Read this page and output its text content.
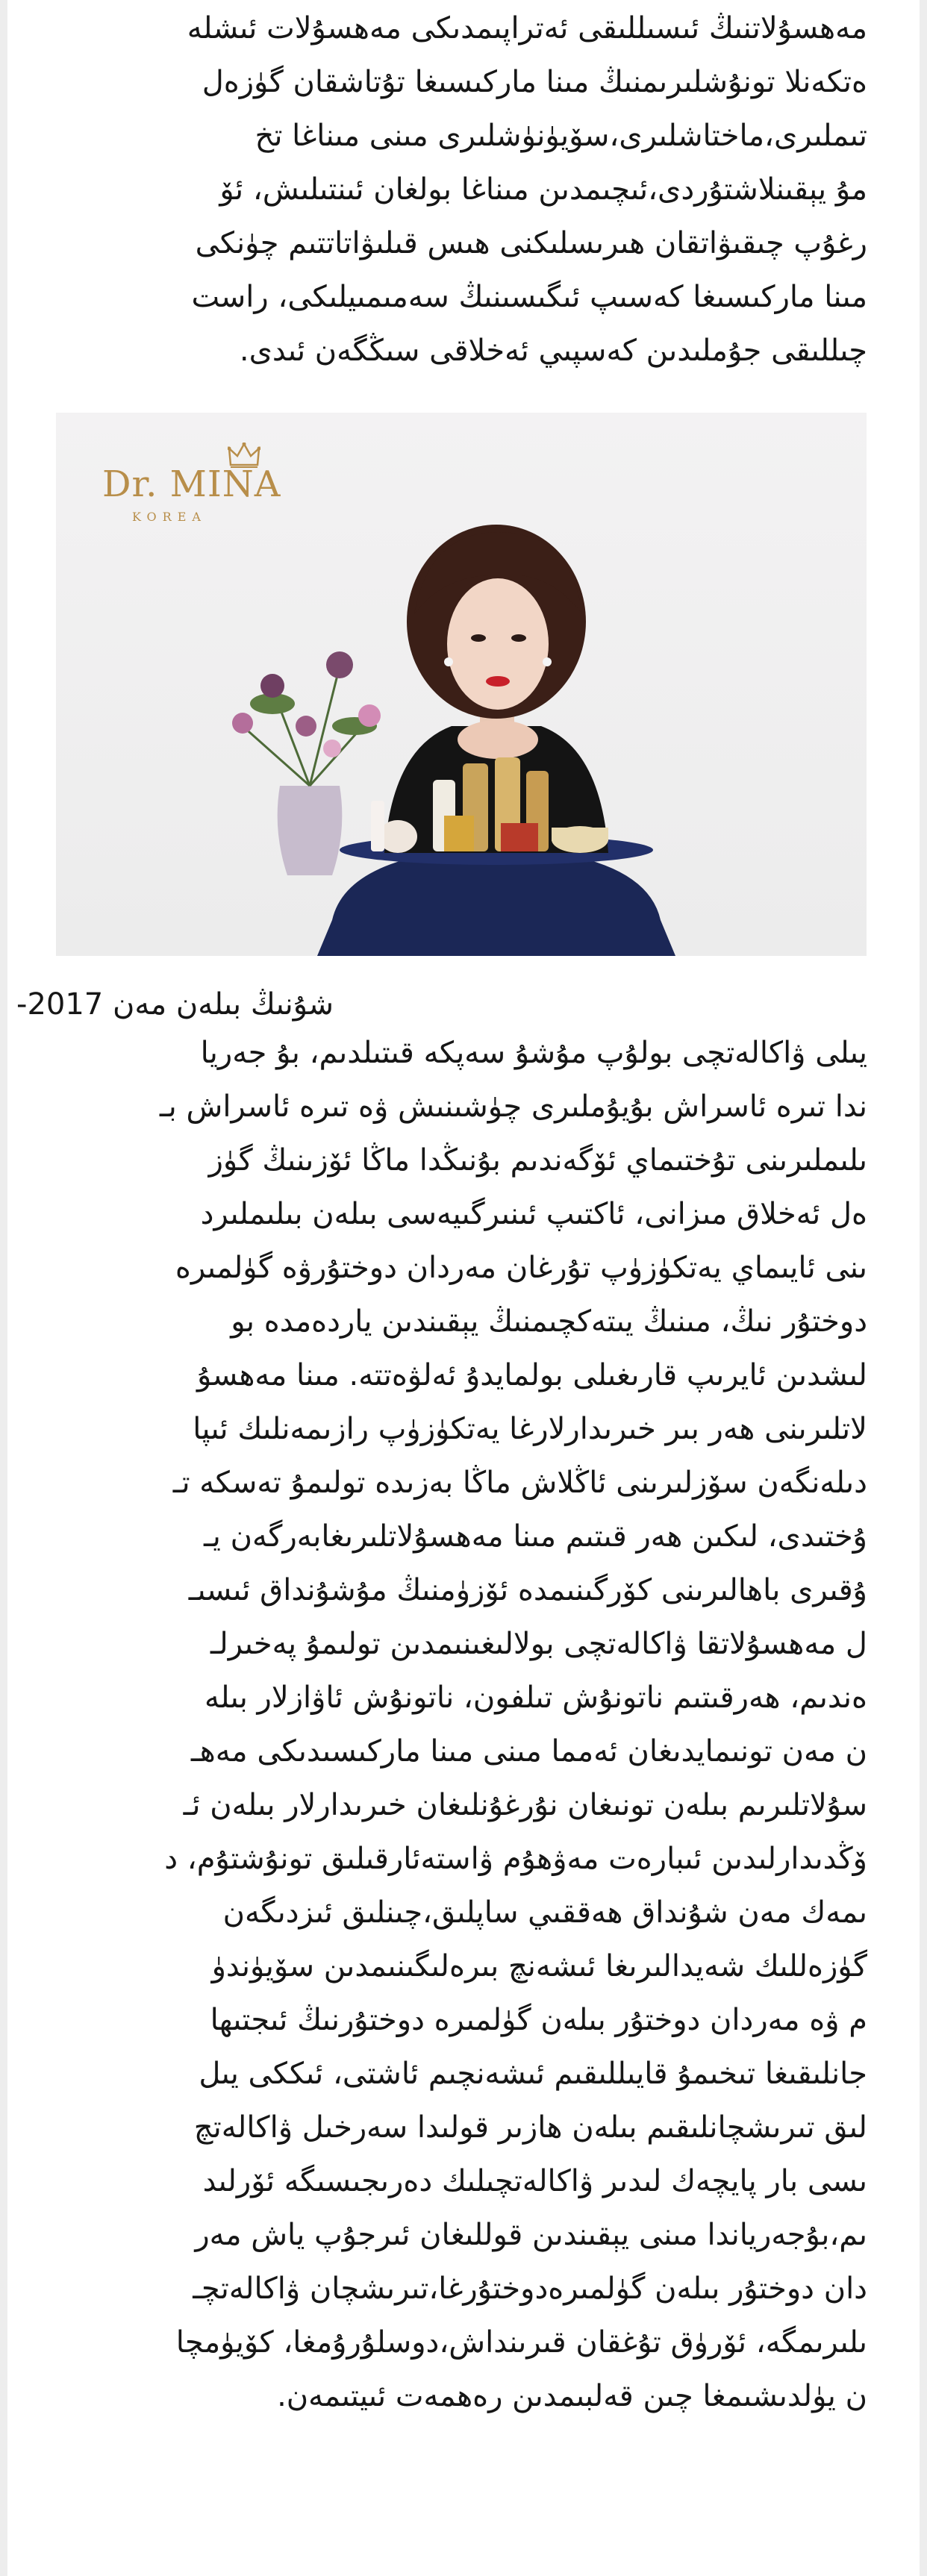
مەھسۇلاتنىڭ ئىسىللىقى ئەتراپىمدىكى مەھسۇلات ئىشلە
ەتكەنلا تونۇشلىرىمنىڭ مىنا ماركىسىغا تۇتاشقان گۈزەل
تىملىرى،ماختاشلىرى،سۆيۈنۈشلىرى مىنى مىناغا تخ
مۇ يېقىنلاشتۇردى،ئىچىمدىن مىناغا بولغان ئىنتىلىش، ئۆ
رغۇپ چىقىۋاتقان ھىرىسلىكنى ھىس قىلىۋاتاتتىم چۈنكى
مىنا ماركىسىغا كەسىپ ئىگىسىنىڭ سەمىمىيلىكى، راست
چىللىقى جۇملىدىن كەسپىي ئەخلاقى سىڭگەن ئىدى.
Dr. MINA
KOREA
شۇنىڭ بىلەن مەن 2017-
يىلى ۋاكالەتچى بولۇپ مۇشۇ سەپكە قىتىلدىم، بۇ جەريا
ندا تىرە ئاسراش بۇيۇملىرى چۈشىنىش ۋە تىرە ئاسراش بـ
ىلىملىرىنى تۇختىماي ئۆگەندىم بۇنىڭدا ماڭا ئۆزىنىڭ گۈز
ەل ئەخلاق مىزانى، ئاكتىپ ئىنىرگىيەسى بىلەن بىلىملىرد
ىنى ئايىماي يەتكۈزۈپ تۇرغان مەردان دوختۇرۋە گۈلمىرە
دوختۇر نىڭ، مىنىڭ يىتەكچىمنىڭ يېقىندىن ياردەمدە بو
لىشدىن ئايرىپ قارىغىلى بولمايدۇ ئەلۋەتتە. مىنا مەھسۇ
لاتلىرىنى ھەر بىر خىرىدارلارغا يەتكۈزۈپ رازىمەنلىك ئىپا
دىلەنگەن سۆزلىرىنى ئاڭلاش ماڭا بەزىدە تولىمۇ تەسكە تـ
ۇختىدى، لىكىن ھەر قىتىم مىنا مەھسۇلاتلىرىغابەرگەن يـ
ۇقىرى باھالىرىنى كۆرگىنىمدە ئۆزۈمنىڭ مۇشۇنداق ئىسىـ
ل مەھسۇلاتقا ۋاكالەتچى بولالىغىنىمدىن تولىمۇ پەخىرلـ
ەندىم، ھەرقىتىم ناتونۇش تىلفون، ناتونۇش ئاۋازلار بىلە
ن مەن تونىمايدىغان ئەمما مىنى مىنا ماركىسىدىكى مەھـ
سۇلاتلىرىم بىلەن تونىغان نۇرغۇنلىغان خىرىدارلار بىلەن ئـ
ۆڭدىدارلىدىن ئىبارەت مەۋھۇم ۋاستەئارقىلىق تونۇشتۇم، د
ىمەك مەن شۇنداق ھەققىي ساپلىق،چىنلىق ئىزدىگەن
گۈزەللىك شەيدالىرىغا ئىشەنچ بىرەلىگىنىمدىن سۆيۈندۈ
م ۋە مەردان دوختۇر بىلەن گۈلمىرە دوختۇرنىڭ ئىجتىھا
جانلىقىغا تىخىمۇ قايىللىقىم ئىشەنچىم ئاشتى، ئىككى يىل
لىق تىرىشچانلىقىم بىلەن ھازىر قولىدا سەرخىل ۋاكالەتچ
ىسى بار پايچەك لىدىر ۋاكالەتچىلىك دەرىجىسىگە ئۆرلىد
ىم،بۇجەرياندا مىنى يېقىندىن قوللىغان ئىرجۇپ ياش مەر
دان دوختۇر بىلەن گۈلمىرەدوختۇرغا،تىرىشچان ۋاكالەتچـ
ىلىرىمگە، ئۆرۈق تۇغقان قىرىنداش،دوسلۇرۇمغا، كۆيۈمچا
ن يۈلدىشىمغا چىن قەلبىمدىن رەھمەت ئىيتىمەن.
